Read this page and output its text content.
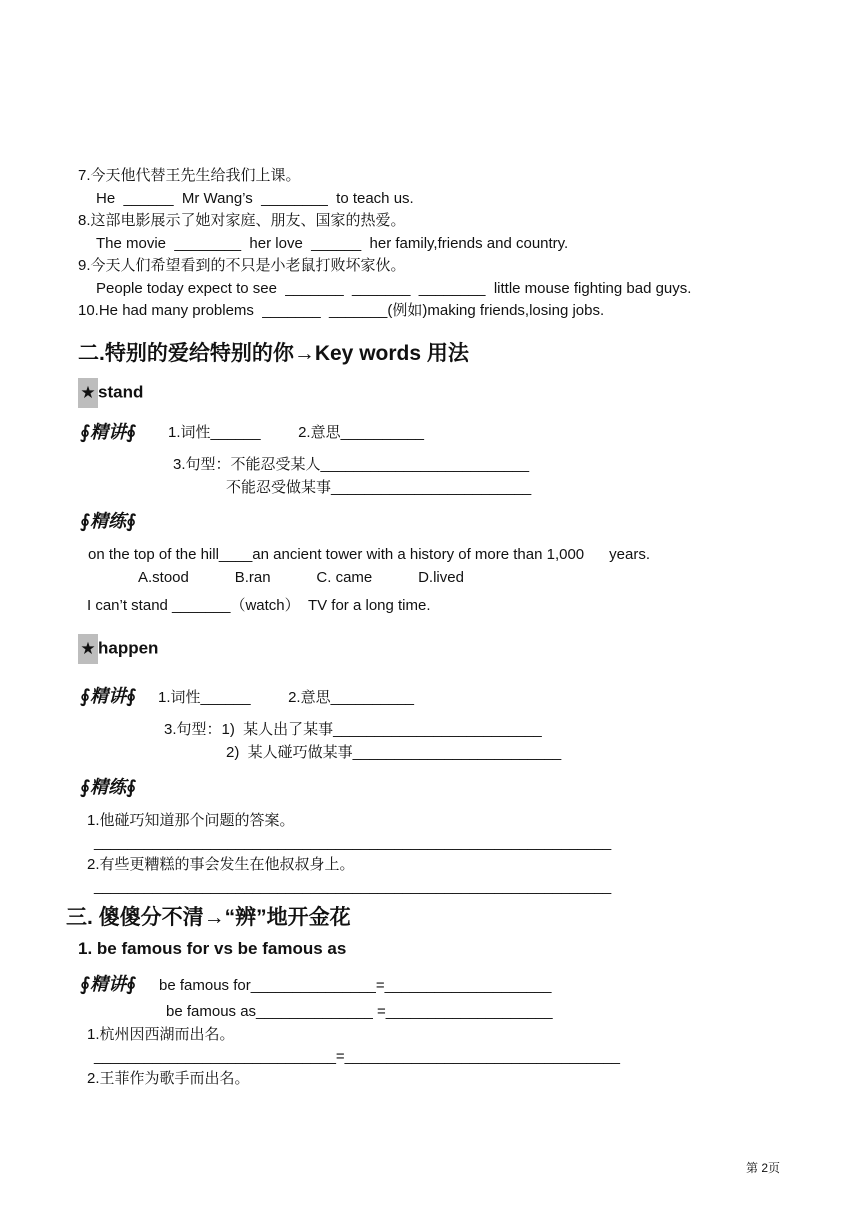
7.今天他代替王先生给我们上课。
He  ______  Mr Wang’s  ________  to teach us.
8.这部电影展示了她对家庭、朋友、国家的热爱。
The movie  ________  her love  ______  her family,friends and country.
9.今天人们希望看到的不只是小老鼠打败坏家伙。
People today expect to see  _______  _______  ________  little mouse fighting bad guys.
10.He had many problems  _______  _______(例如)making friends,losing jobs.
二.特别的爱给特别的你→Key words 用法
★ stand
∮精讲∮ 1.词性______         2.意思__________
3.句型：不能忍受某人_________________________
不能忍受做某事________________________
∮精练∮
on the top of the hill____an ancient tower with a history of more than 1,000      years.
A.stood           B.ran           C. came           D.lived
I can’t stand _______（watch）  TV for a long time.
★ happen
∮精讲∮ 1.词性______         2.意思__________
3.句型：1)  某人出了某事_________________________
2)  某人碰巧做某事_________________________
∮精练∮
1.他碰巧知道那个问题的答案。
______________________________________________________________
2.有些更糟糕的事会发生在他叔叔身上。
______________________________________________________________
三. 傻傻分不清→“辨”地开金花
1. be famous for vs be famous as
∮精讲∮ be famous for_______________=____________________
be famous as______________ =____________________
1.杭州因西湖而出名。
_____________________________=_________________________________
2.王菲作为歌手而出名。
第 2页
